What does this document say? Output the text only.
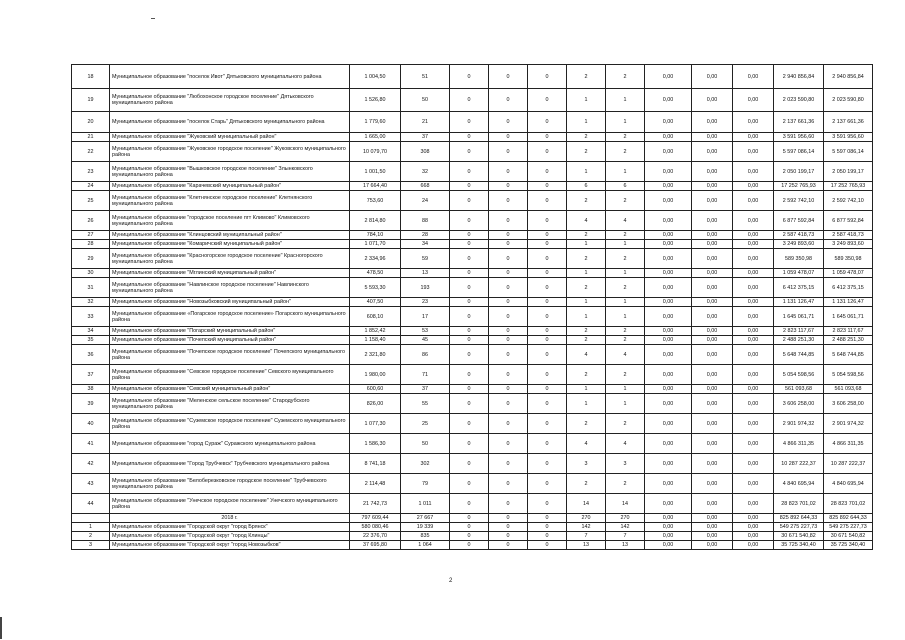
18	Муниципальное образование "поселок Ивот" Дятьковского муниципального района	1 004,50	51	0	0	0	2	2	0,00	0,00	0,00	2 940 856,84	2 940 856,84
19	Муниципальное образование "Любохонское городское поселение" Дятьковского муниципального района	1 526,80	50	0	0	0	1	1	0,00	0,00	0,00	2 023 590,80	2 023 590,80
20	Муниципальное образование "поселок Старь" Дятьковского муниципального района	1 779,60	21	0	0	0	1	1	0,00	0,00	0,00	2 137 661,36	2 137 661,36
21	Муниципальное образование "Жуковский муниципальный район"	1 665,00	37	0	0	0	2	2	0,00	0,00	0,00	3 591 956,60	3 591 956,60
22	Муниципальное образование "Жуковское городское поселение" Жуковского муниципального района	10 079,70	308	0	0	0	2	2	0,00	0,00	0,00	5 597 086,14	5 597 086,14
23	Муниципальное образование "Вышковское городское поселение" Злынковского муниципального района	1 001,50	32	0	0	0	1	1	0,00	0,00	0,00	2 050 199,17	2 050 199,17
24	Муниципальное образование "Карачевский муниципальный район"	17 664,40	668	0	0	0	6	6	0,00	0,00	0,00	17 252 765,93	17 252 765,93
25	Муниципальное образование "Клетнянское городское поселение" Клетнянского муниципального района	753,60	24	0	0	0	2	2	0,00	0,00	0,00	2 592 742,10	2 592 742,10
26	Муниципальное образование "городское поселение пгт Климово" Климовского муниципального района	2 814,80	88	0	0	0	4	4	0,00	0,00	0,00	6 877 592,84	6 877 592,84
27	Муниципальное образование "Клинцовский муниципальный район"	784,10	28	0	0	0	2	2	0,00	0,00	0,00	2 587 418,73	2 587 418,73
28	Муниципальное образование "Комаричский муниципальный район"	1 071,70	34	0	0	0	1	1	0,00	0,00	0,00	3 249 893,60	3 249 893,60
29	Муниципальное образование "Красногорское городское поселение" Красногорского муниципального района	2 334,96	59	0	0	0	2	2	0,00	0,00	0,00	589 350,98	589 350,98
30	Муниципальное образование "Мглинский муниципальный район"	478,50	13	0	0	0	1	1	0,00	0,00	0,00	1 059 478,07	1 059 478,07
31	Муниципальное образование "Навлинское городское поселение" Навлинского муниципального района	5 593,30	193	0	0	0	2	2	0,00	0,00	0,00	6 412 375,15	6 412 375,15
32	Муниципальное образование "Новозыбковский муниципальный район"	407,50	23	0	0	0	1	1	0,00	0,00	0,00	1 131 126,47	1 131 126,47
33	Муниципальное образование «Погарское городское поселение» Погарского муниципального района	608,10	17	0	0	0	1	1	0,00	0,00	0,00	1 645 061,71	1 645 061,71
34	Муниципальное образование "Погарский муниципальный район"	1 852,42	53	0	0	0	2	2	0,00	0,00	0,00	2 823 117,67	2 823 117,67
35	Муниципальное образование "Почепский муниципальный район"	1 158,40	45	0	0	0	2	2	0,00	0,00	0,00	2 488 251,30	2 488 251,30
36	Муниципальное образование "Почепское городское поселение" Почепского муниципального района	2 321,80	86	0	0	0	4	4	0,00	0,00	0,00	5 648 744,85	5 648 744,85
37	Муниципальное образование "Севское городское поселение" Севского муниципального района	1 980,00	71	0	0	0	2	2	0,00	0,00	0,00	5 054 598,56	5 054 598,56
38	Муниципальное образование "Севский муниципальный район"	600,60	37	0	0	0	1	1	0,00	0,00	0,00	561 093,68	561 093,68
39	Муниципальное образование "Меленское сельское поселение" Стародубского муниципального района	826,00	55	0	0	0	1	1	0,00	0,00	0,00	3 606 258,00	3 606 258,00
40	Муниципальное образование "Суземское городское поселение" Суземского муниципального района	1 077,30	25	0	0	0	2	2	0,00	0,00	0,00	2 901 974,32	2 901 974,32
41	Муниципальное образование "город Сураж" Суражского муниципального района	1 586,30	50	0	0	0	4	4	0,00	0,00	0,00	4 866 311,35	4 866 311,35
42	Муниципальное образование "Город Трубчевск" Трубчевского муниципального района	8 741,18	302	0	0	0	3	3	0,00	0,00	0,00	10 287 222,37	10 287 222,37
43	Муниципальное образование "Белоберезковское городское поселение" Трубчевского муниципального района	2 114,48	79	0	0	0	2	2	0,00	0,00	0,00	4 840 695,94	4 840 695,94
44	Муниципальное образование "Унечское городское поселение" Унечского муниципального района	21 742,73	1 011	0	0	0	14	14	0,00	0,00	0,00	28 823 701,02	28 823 701,02
	2018 г.	797 609,44	27 667	0	0	0	270	270	0,00	0,00	0,00	825 892 644,33	825 892 644,33
1	Муниципальное образование "Городской округ "город Брянск"	580 080,46	19 339	0	0	0	142	142	0,00	0,00	0,00	549 275 227,73	549 275 227,73
2	Муниципальное образование "Городской округ "город Клинцы"	22 376,70	835	0	0	0	7	7	0,00	0,00	0,00	30 671 540,82	30 671 540,82
3	Муниципальное образование "Городской округ "город Новозыбков"	37 695,80	1 064	0	0	0	13	13	0,00	0,00	0,00	35 725 340,40	35 725 340,40
2
